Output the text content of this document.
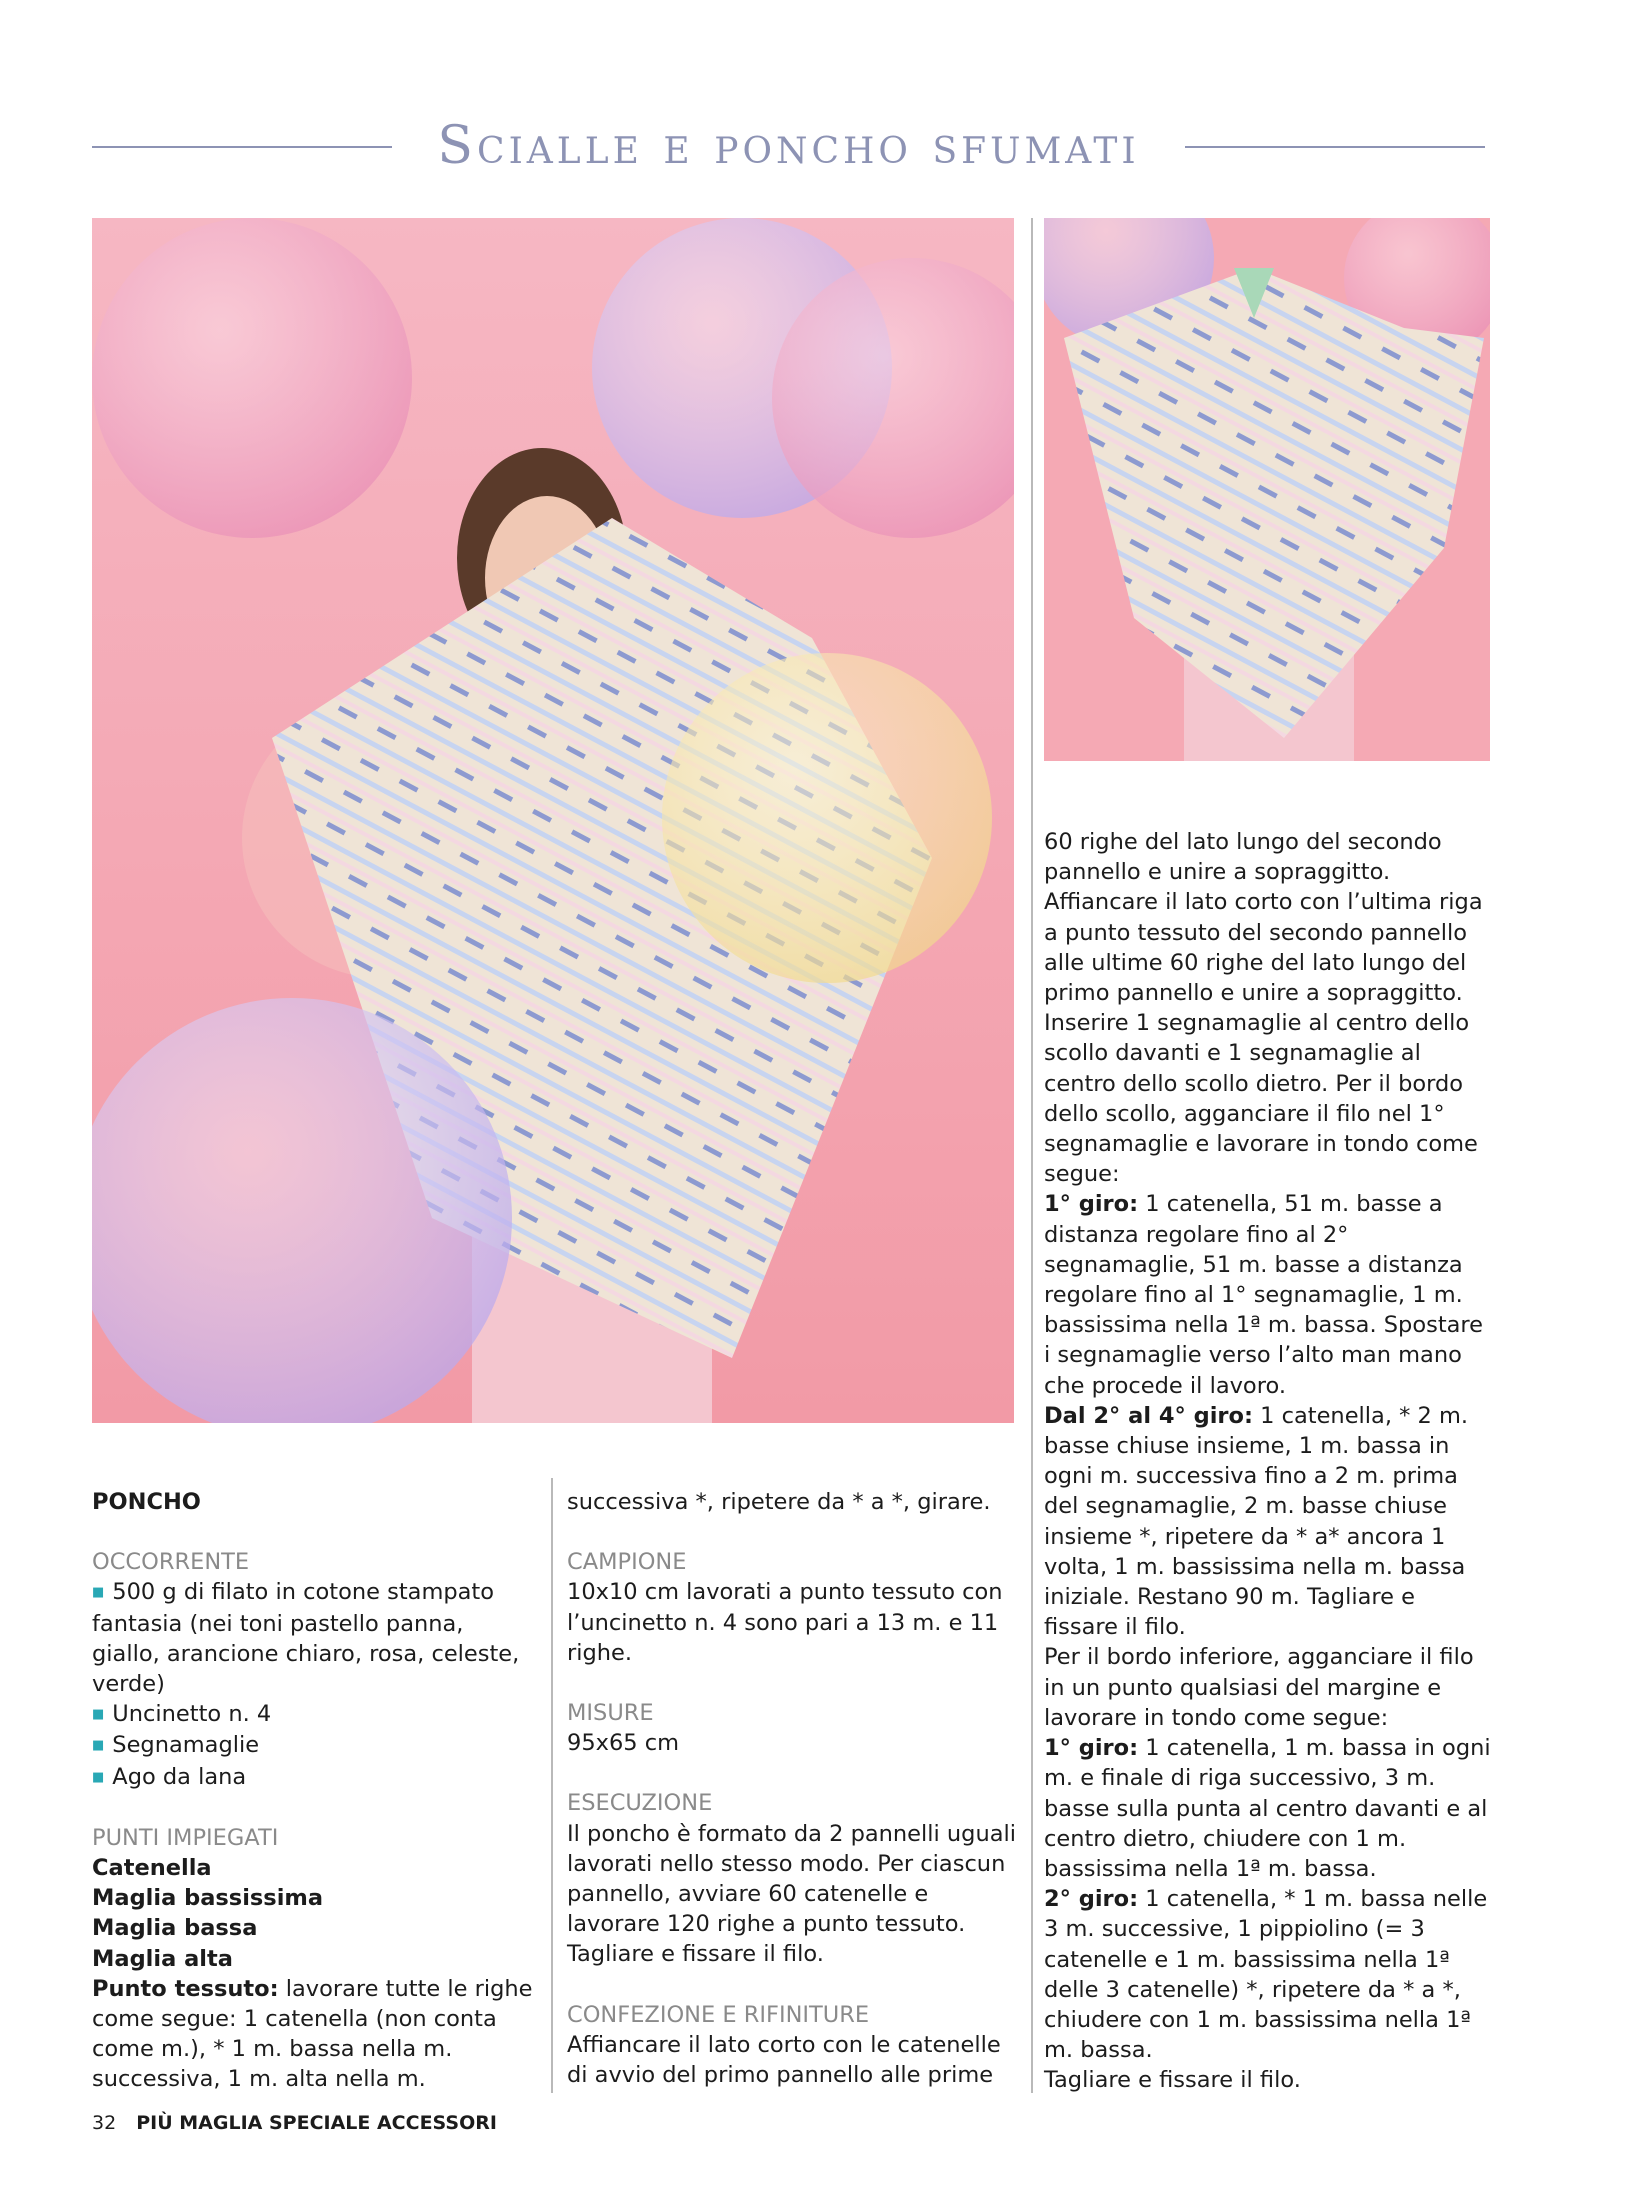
Scialle e poncho sfumati

PONCHO

OCCORRENTE

■ 500 g di filato in cotone stampato fantasia (nei toni pastello panna, giallo, arancione chiaro, rosa, celeste, verde)

■ Uncinetto n. 4

■ Segnamaglie

■ Ago da lana

PUNTI IMPIEGATI

Catenella

Maglia bassissima

Maglia bassa

Maglia alta

Punto tessuto: lavorare tutte le righe come segue: 1 catenella (non conta come m.), * 1 m. bassa nella m. successiva, 1 m. alta nella m.

successiva *, ripetere da * a *, girare.

CAMPIONE

10x10 cm lavorati a punto tessuto con l’uncinetto n. 4 sono pari a 13 m. e 11 righe.

MISURE

95x65 cm

ESECUZIONE

Il poncho è formato da 2 pannelli uguali lavorati nello stesso modo. Per ciascun pannello, avviare 60 catenelle e lavorare 120 righe a punto tessuto. Tagliare e fissare il filo.

CONFEZIONE E RIFINITURE

Affiancare il lato corto con le catenelle di avvio del primo pannello alle prime

60 righe del lato lungo del secondo pannello e unire a sopraggitto. Affiancare il lato corto con l’ultima riga a punto tessuto del secondo pannello alle ultime 60 righe del lato lungo del primo pannello e unire a sopraggitto. Inserire 1 segnamaglie al centro dello scollo davanti e 1 segnamaglie al centro dello scollo dietro. Per il bordo dello scollo, agganciare il filo nel 1° segnamaglie e lavorare in tondo come segue:

1° giro: 1 catenella, 51 m. basse a distanza regolare fino al 2° segnamaglie, 51 m. basse a distanza regolare fino al 1° segnamaglie, 1 m. bassissima nella 1ª m. bassa. Spostare i segnamaglie verso l’alto man mano che procede il lavoro.

Dal 2° al 4° giro: 1 catenella, * 2 m. basse chiuse insieme, 1 m. bassa in ogni m. successiva fino a 2 m. prima del segnamaglie, 2 m. basse chiuse insieme *, ripetere da * a* ancora 1 volta, 1 m. bassissima nella m. bassa iniziale. Restano 90 m. Tagliare e fissare il filo.

Per il bordo inferiore, agganciare il filo in un punto qualsiasi del margine e lavorare in tondo come segue:

1° giro: 1 catenella, 1 m. bassa in ogni m. e finale di riga successivo, 3 m. basse sulla punta al centro davanti e al centro dietro, chiudere con 1 m. bassissima nella 1ª m. bassa.

2° giro: 1 catenella, * 1 m. bassa nelle 3 m. successive, 1 pippiolino (= 3 catenelle e 1 m. bassissima nella 1ª delle 3 catenelle) *, ripetere da * a *, chiudere con 1 m. bassissima nella 1ª m. bassa.

Tagliare e fissare il filo.

32 PIÙ MAGLIA SPECIALE ACCESSORI
